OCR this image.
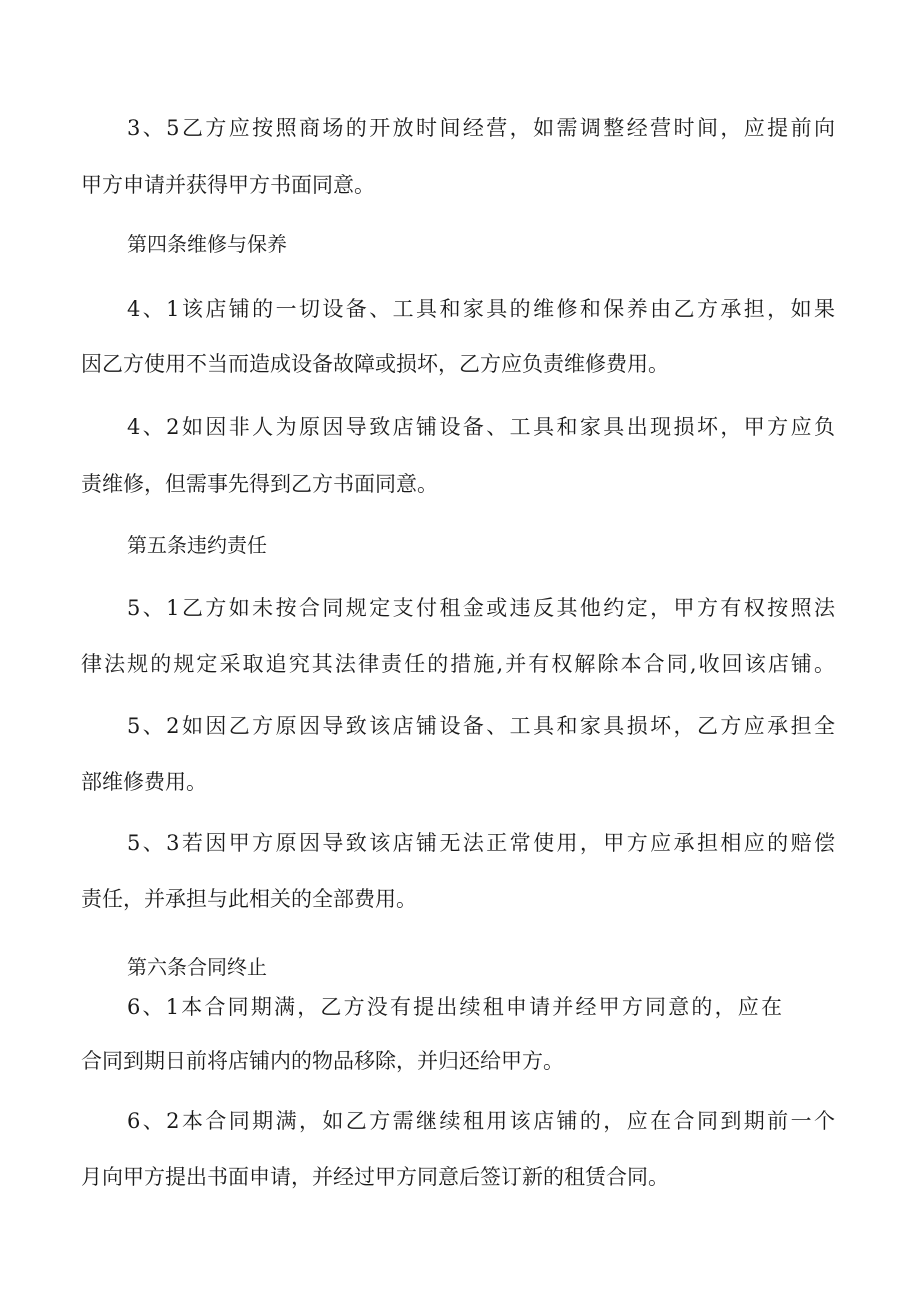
3、5乙方应按照商场的开放时间经营，如需调整经营时间，应提前向
甲方申请并获得甲方书面同意。
第四条维修与保养
4、1该店铺的一切设备、工具和家具的维修和保养由乙方承担，如果
因乙方使用不当而造成设备故障或损坏，乙方应负责维修费用。
4、2如因非人为原因导致店铺设备、工具和家具出现损坏，甲方应负
责维修，但需事先得到乙方书面同意。
第五条违约责任
5、1乙方如未按合同规定支付租金或违反其他约定，甲方有权按照法
律法规的规定采取追究其法律责任的措施,并有权解除本合同,收回该店铺。
5、2如因乙方原因导致该店铺设备、工具和家具损坏，乙方应承担全
部维修费用。
5、3若因甲方原因导致该店铺无法正常使用，甲方应承担相应的赔偿
责任，并承担与此相关的全部费用。
第六条合同终止
6、1本合同期满，乙方没有提出续租申请并经甲方同意的，应在
合同到期日前将店铺内的物品移除，并归还给甲方。
6、2本合同期满，如乙方需继续租用该店铺的，应在合同到期前一个
月向甲方提出书面申请，并经过甲方同意后签订新的租赁合同。
